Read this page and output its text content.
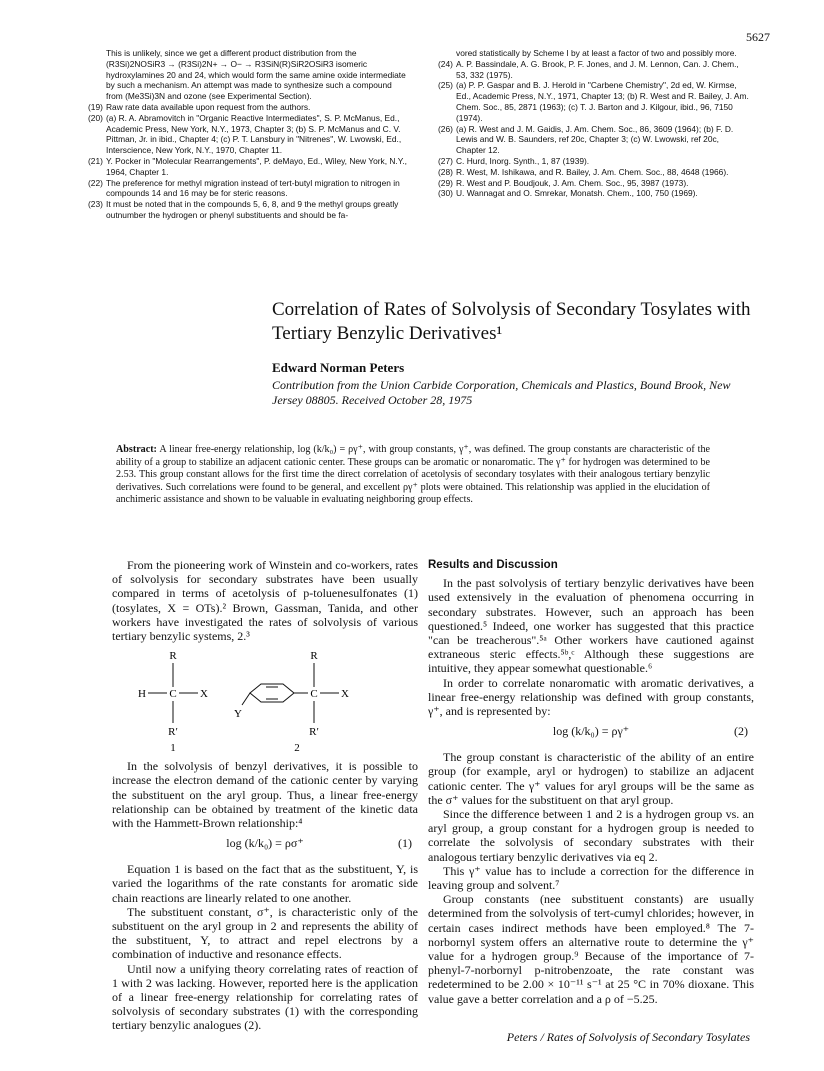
5627
This is unlikely, since we get a different product distribution from the (R3Si)2NOSiR3 → (R3Si)2N+ → O− → R3SiN(R)SiR2OSiR3 isomeric hydroxylamines 20 and 24, which would form the same amine oxide intermediate by such a mechanism. An attempt was made to synthesize such a compound from (Me3Si)3N and ozone (see Experimental Section).
(19) Raw rate data available upon request from the authors.
(20) (a) R. A. Abramovitch in "Organic Reactive Intermediates", S. P. McManus, Ed., Academic Press, New York, N.Y., 1973, Chapter 3; (b) S. P. McManus and C. V. Pittman, Jr. in ibid., Chapter 4; (c) P. T. Lansbury in "Nitrenes", W. Lwowski, Ed., Interscience, New York, N.Y., 1970, Chapter 11.
(21) Y. Pocker in "Molecular Rearrangements", P. deMayo, Ed., Wiley, New York, N.Y., 1964, Chapter 1.
(22) The preference for methyl migration instead of tert-butyl migration to nitrogen in compounds 14 and 16 may be for steric reasons.
(23) It must be noted that in the compounds 5, 6, 8, and 9 the methyl groups greatly outnumber the hydrogen or phenyl substituents and should be fa-
vored statistically by Scheme I by at least a factor of two and possibly more.
(24) A. P. Bassindale, A. G. Brook, P. F. Jones, and J. M. Lennon, Can. J. Chem., 53, 332 (1975).
(25) (a) P. P. Gaspar and B. J. Herold in "Carbene Chemistry", 2d ed, W. Kirmse, Ed., Academic Press, N.Y., 1971, Chapter 13; (b) R. West and R. Bailey, J. Am. Chem. Soc., 85, 2871 (1963); (c) T. J. Barton and J. Kilgour, ibid., 96, 7150 (1974).
(26) (a) R. West and J. M. Gaidis, J. Am. Chem. Soc., 86, 3609 (1964); (b) F. D. Lewis and W. B. Saunders, ref 20c, Chapter 3; (c) W. Lwowski, ref 20c, Chapter 12.
(27) C. Hurd, Inorg. Synth., 1, 87 (1939).
(28) R. West, M. Ishikawa, and R. Bailey, J. Am. Chem. Soc., 88, 4648 (1966).
(29) R. West and P. Boudjouk, J. Am. Chem. Soc., 95, 3987 (1973).
(30) U. Wannagat and O. Smrekar, Monatsh. Chem., 100, 750 (1969).
Correlation of Rates of Solvolysis of Secondary Tosylates with Tertiary Benzylic Derivatives¹
Edward Norman Peters
Contribution from the Union Carbide Corporation, Chemicals and Plastics, Bound Brook, New Jersey 08805. Received October 28, 1975
Abstract: A linear free-energy relationship, log (k/k₀) = ργ⁺, with group constants, γ⁺, was defined. The group constants are characteristic of the ability of a group to stabilize an adjacent cationic center. These groups can be aromatic or nonaromatic. The γ⁺ for hydrogen was determined to be 2.53. This group constant allows for the first time the direct correlation of acetolysis of secondary tosylates with their analogous tertiary benzylic derivatives. Such correlations were found to be general, and excellent ργ⁺ plots were obtained. This relationship was applied in the elucidation of anchimeric assistance and shown to be valuable in evaluating neighboring group effects.

From the pioneering work of Winstein and co-workers, rates of solvolysis for secondary substrates have been usually compared in terms of acetolysis of p-toluenesulfonates (1) (tosylates, X = OTs).² Brown, Gassman, Tanida, and other workers have investigated the rates of solvolysis of various tertiary benzylic systems, 2.³

R
H C X
R′
1
R
Y
C X
R′
2

In the solvolysis of benzyl derivatives, it is possible to increase the electron demand of the cationic center by varying the substituent on the aryl group. Thus, a linear free-energy relationship can be obtained by treatment of the kinetic data with the Hammett-Brown relationship:⁴

log (k/k₀) = ρσ⁺	(1)

Equation 1 is based on the fact that as the substituent, Y, is varied the logarithms of the rate constants for aromatic side chain reactions are linearly related to one another.

The substituent constant, σ⁺, is characteristic only of the substituent on the aryl group in 2 and represents the ability of the substituent, Y, to attract and repel electrons by a combination of inductive and resonance effects.

Until now a unifying theory correlating rates of reaction of 1 with 2 was lacking. However, reported here is the application of a linear free-energy relationship for correlating rates of solvolysis of secondary substrates (1) with the corresponding tertiary benzylic analogues (2).

Results and Discussion

In the past solvolysis of tertiary benzylic derivatives have been used extensively in the evaluation of phenomena occurring in secondary substrates. However, such an approach has been questioned.⁵ Indeed, one worker has suggested that this practice "can be treacherous".⁵ᵃ Other workers have cautioned against extraneous steric effects.⁵ᵇ,ᶜ Although these suggestions are intuitive, they appear somewhat questionable.⁶

In order to correlate nonaromatic with aromatic derivatives, a linear free-energy relationship was defined with group constants, γ⁺, and is represented by:

log (k/k₀) = ργ⁺	(2)

The group constant is characteristic of the ability of an entire group (for example, aryl or hydrogen) to stabilize an adjacent cationic center. The γ⁺ values for aryl groups will be the same as the σ⁺ values for the substituent on that aryl group.

Since the difference between 1 and 2 is a hydrogen group vs. an aryl group, a group constant for a hydrogen group is needed to correlate the solvolysis of secondary substrates with their analogous tertiary benzylic derivatives via eq 2.

This γ⁺ value has to include a correction for the difference in leaving group and solvent.⁷

Group constants (nee substituent constants) are usually determined from the solvolysis of tert-cumyl chlorides; however, in certain cases indirect methods have been employed.⁸ The 7-norbornyl system offers an alternative route to determine the γ⁺ value for a hydrogen group.⁹ Because of the importance of 7-phenyl-7-norbornyl p-nitrobenzoate, the rate constant was redetermined to be 2.00 × 10⁻¹¹ s⁻¹ at 25 °C in 70% dioxane. This value gave a better correlation and a ρ of −5.25.

Peters / Rates of Solvolysis of Secondary Tosylates
